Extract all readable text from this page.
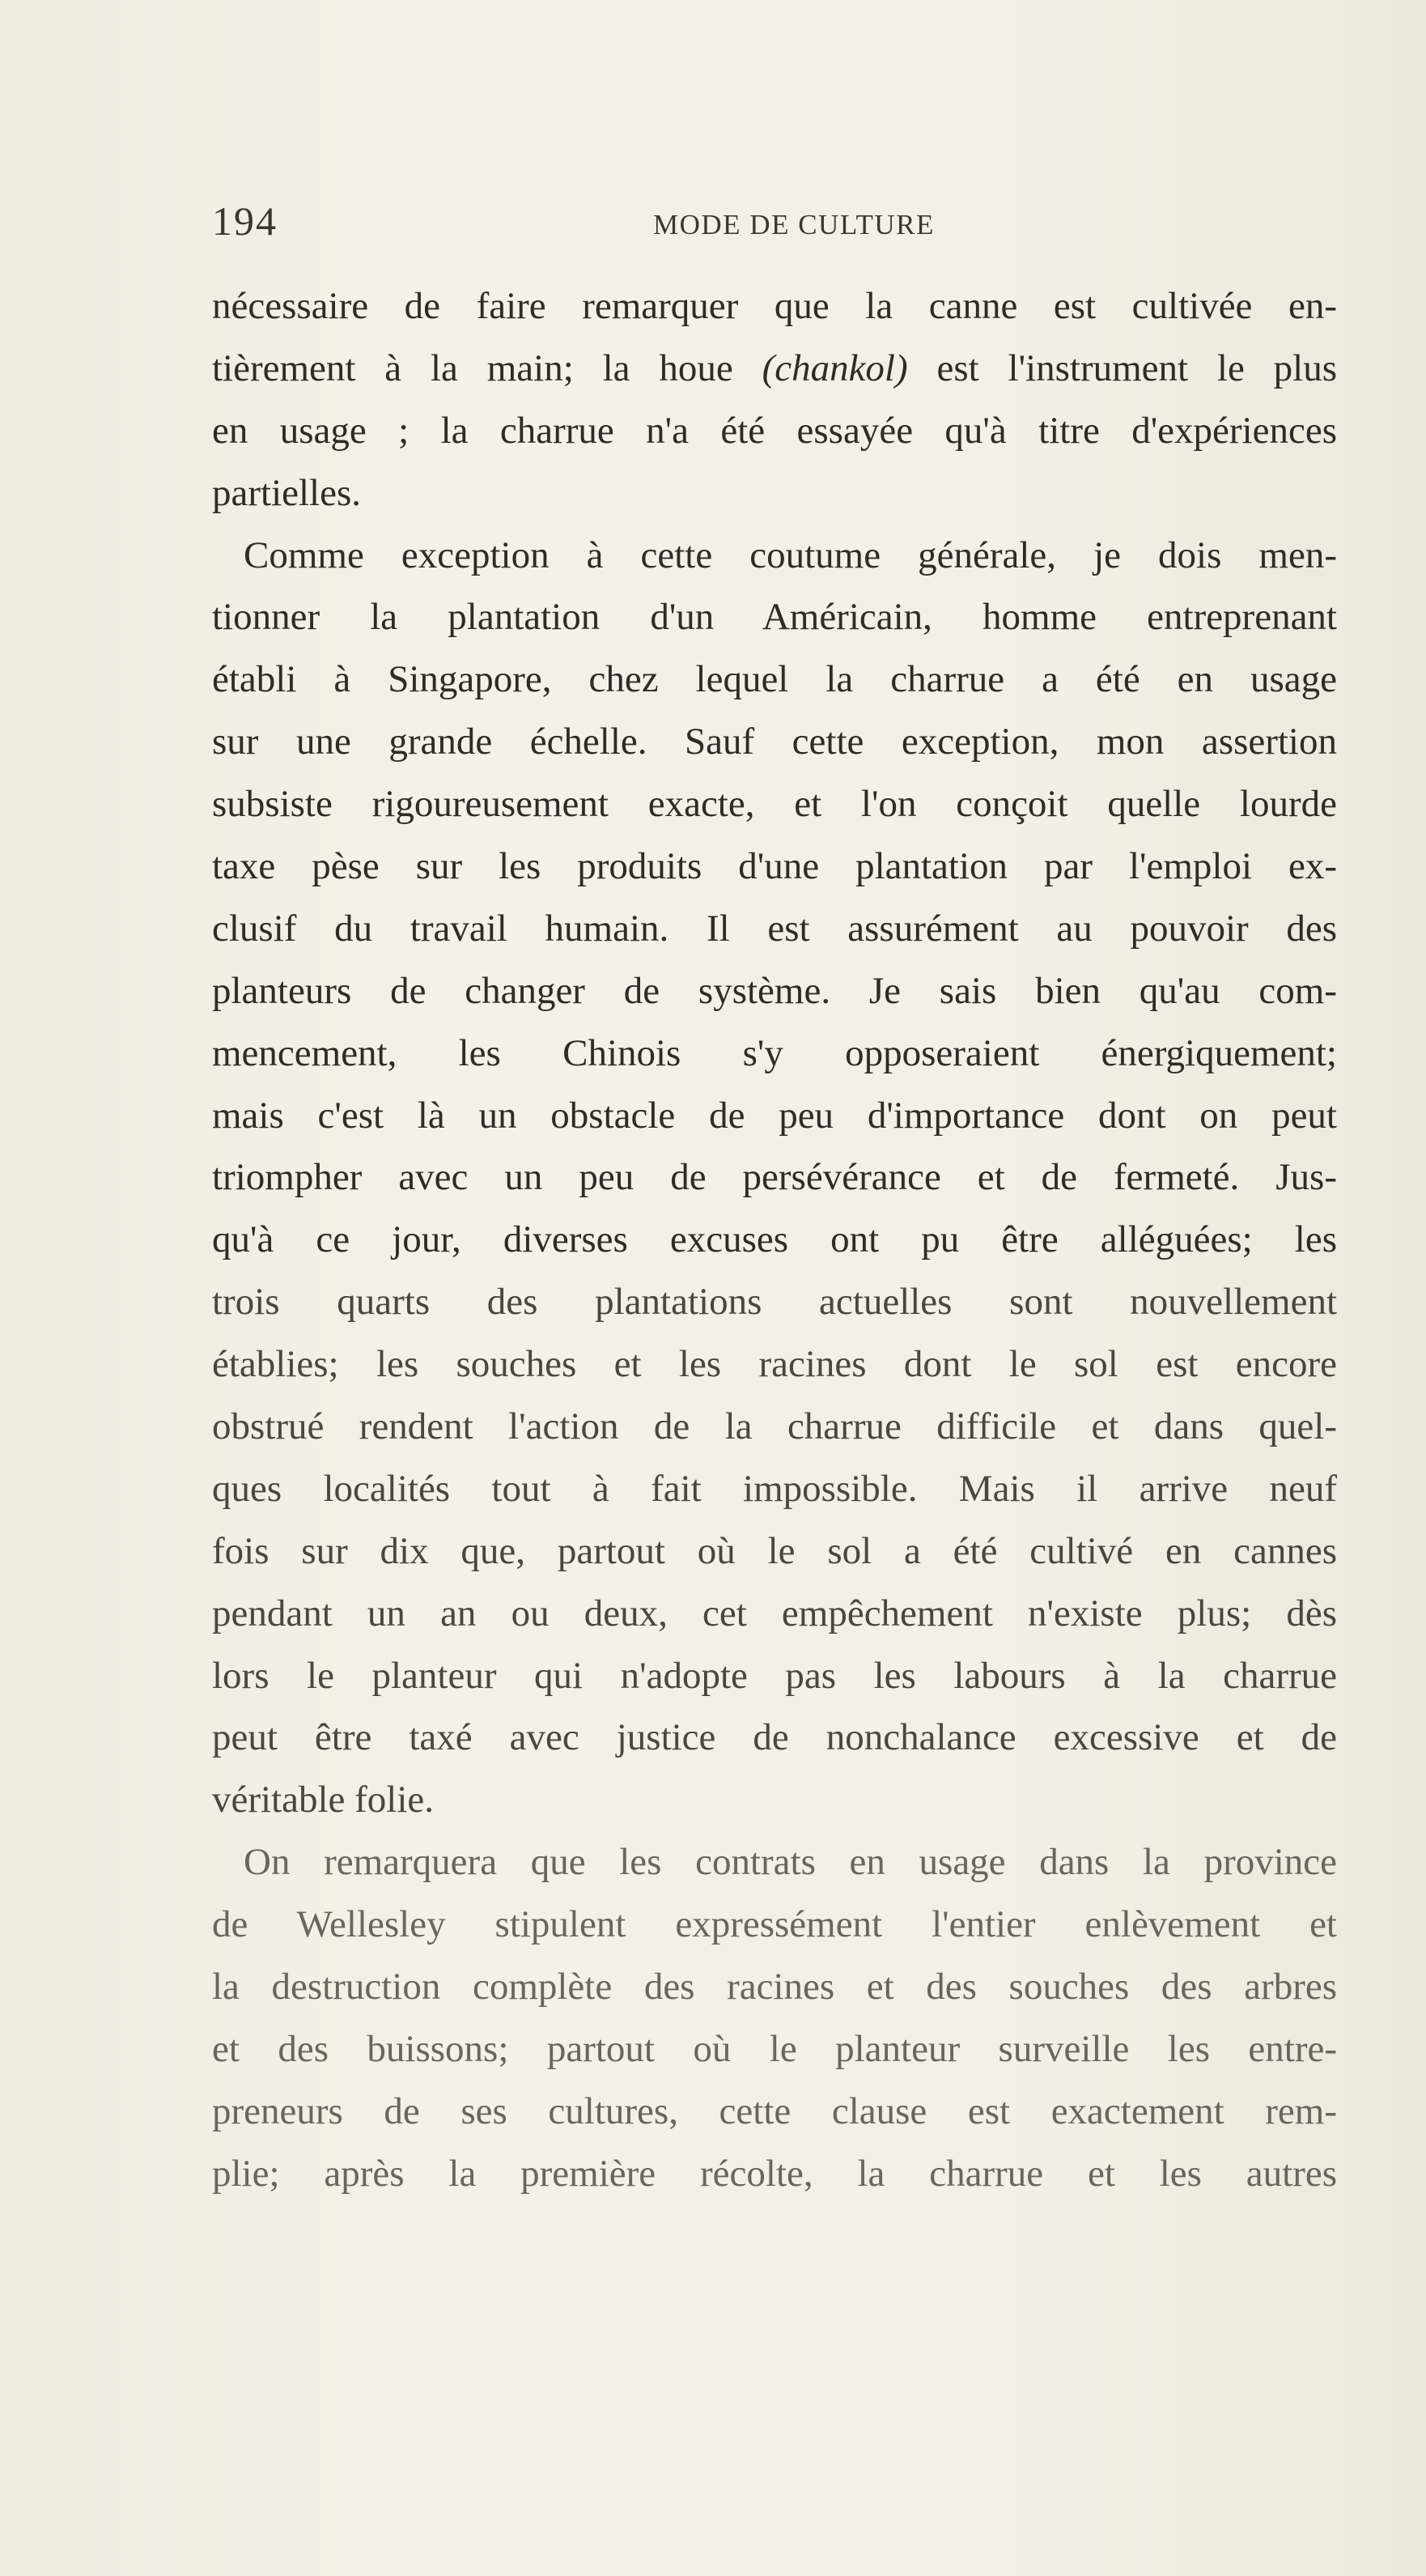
194	MODE DE CULTURE
nécessaire de faire remarquer que la canne est cultivée en-
tièrement à la main; la houe (chankol) est l'instrument le plus
en usage ; la charrue n'a été essayée qu'à titre d'expériences
partielles.
Comme exception à cette coutume générale, je dois men-
tionner la plantation d'un Américain, homme entreprenant
établi à Singapore, chez lequel la charrue a été en usage
sur une grande échelle. Sauf cette exception, mon assertion
subsiste rigoureusement exacte, et l'on conçoit quelle lourde
taxe pèse sur les produits d'une plantation par l'emploi ex-
clusif du travail humain. Il est assurément au pouvoir des
planteurs de changer de système. Je sais bien qu'au com-
mencement, les Chinois s'y opposeraient énergiquement;
mais c'est là un obstacle de peu d'importance dont on peut
triompher avec un peu de persévérance et de fermeté. Jus-
qu'à ce jour, diverses excuses ont pu être alléguées; les
trois quarts des plantations actuelles sont nouvellement
établies; les souches et les racines dont le sol est encore
obstrué rendent l'action de la charrue difficile et dans quel-
ques localités tout à fait impossible. Mais il arrive neuf
fois sur dix que, partout où le sol a été cultivé en cannes
pendant un an ou deux, cet empêchement n'existe plus; dès
lors le planteur qui n'adopte pas les labours à la charrue
peut être taxé avec justice de nonchalance excessive et de
véritable folie.
On remarquera que les contrats en usage dans la province
de Wellesley stipulent expressément l'entier enlèvement et
la destruction complète des racines et des souches des arbres
et des buissons; partout où le planteur surveille les entre-
preneurs de ses cultures, cette clause est exactement rem-
plie; après la première récolte, la charrue et les autres
